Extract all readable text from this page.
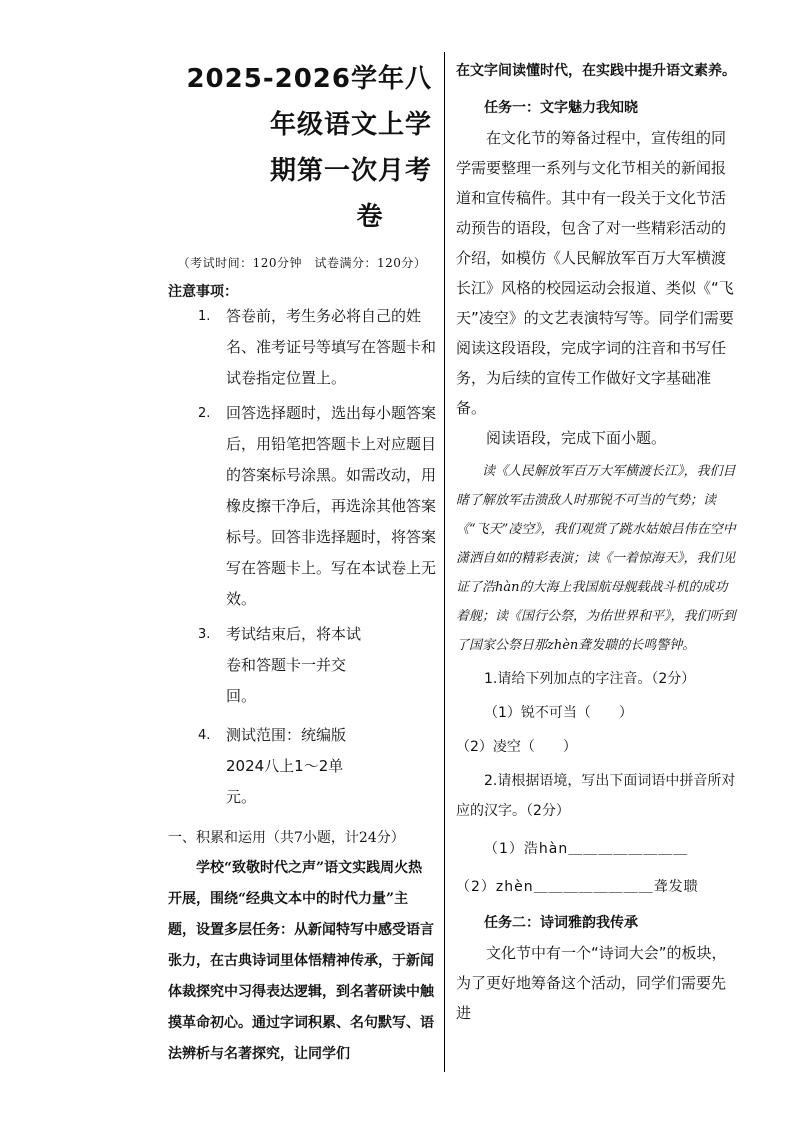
2025-2026学年八
年级语文上学
期第一次月考
卷
（考试时间：120分钟　试卷满分：120分）
注意事项：
1. 答卷前，考生务必将自己的姓名、准考证号等填写在答题卡和试卷指定位置上。
2. 回答选择题时，选出每小题答案后，用铅笔把答题卡上对应题目的答案标号涂黑。如需改动，用橡皮擦干净后，再选涂其他答案标号。回答非选择题时，将答案写在答题卡上。写在本试卷上无效。
3. 考试结束后，将本试卷和答题卡一并交回。
4. 测试范围：统编版2024八上1～2单元。
一、积累和运用（共7小题，计24分）

学校“致敬时代之声”语文实践周火热开展，围绕“经典文本中的时代力量”主题，设置多层任务：从新闻特写中感受语言张力，在古典诗词里体悟精神传承，于新闻体裁探究中习得表达逻辑，到名著研读中触摸革命初心。通过字词积累、名句默写、语法辨析与名著探究，让同学们

在文字间读懂时代，在实践中提升语文素养。

任务一：文字魅力我知晓

在文化节的筹备过程中，宣传组的同学需要整理一系列与文化节相关的新闻报道和宣传稿件。其中有一段关于文化节活动预告的语段，包含了对一些精彩活动的介绍，如模仿《人民解放军百万大军横渡长江》风格的校园运动会报道、类似《“飞天”凌空》的文艺表演特写等。同学们需要阅读这段语段，完成字词的注音和书写任务，为后续的宣传工作做好文字基础准备。

阅读语段，完成下面小题。

读《人民解放军百万大军横渡长江》，我们目睹了解放军击溃敌人时那锐不可当的气势；读《“飞天”凌空》，我们观赏了跳水姑娘吕伟在空中潇洒自如的精彩表演；读《一着惊海天》，我们见证了浩hàn的大海上我国航母舰载战斗机的成功着舰；读《国行公祭，为佑世界和平》，我们听到了国家公祭日那zhèn聋发聩的长鸣警钟。

1.请给下列加点的字注音。（2分）

（1）锐不可当（　　）

（2）凌空（　　）

2.请根据语境，写出下面词语中拼音所对应的汉字。（2分）

（1）浩hàn＿＿＿＿＿＿＿＿

（2）zhèn＿＿＿＿＿＿＿＿聋发聩

任务二：诗词雅韵我传承

文化节中有一个“诗词大会”的板块，为了更好地筹备这个活动，同学们需要先进
